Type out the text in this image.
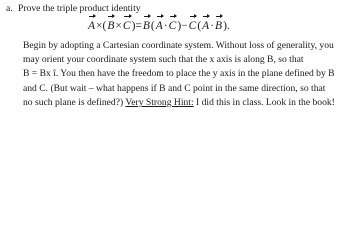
a. Prove the triple product identity
A×(B×C)=B(A·C)−C(A·B).
Begin by adopting a Cartesian coordinate system. Without loss of generality, you
may orient your coordinate system such that the x axis is along B, so that
B = Bx î. You then have the freedom to place the y axis in the plane defined by B
and C. (But wait – what happens if B and C point in the same direction, so that
no such plane is defined?) Very Strong Hint: I did this in class. Look in the book!
